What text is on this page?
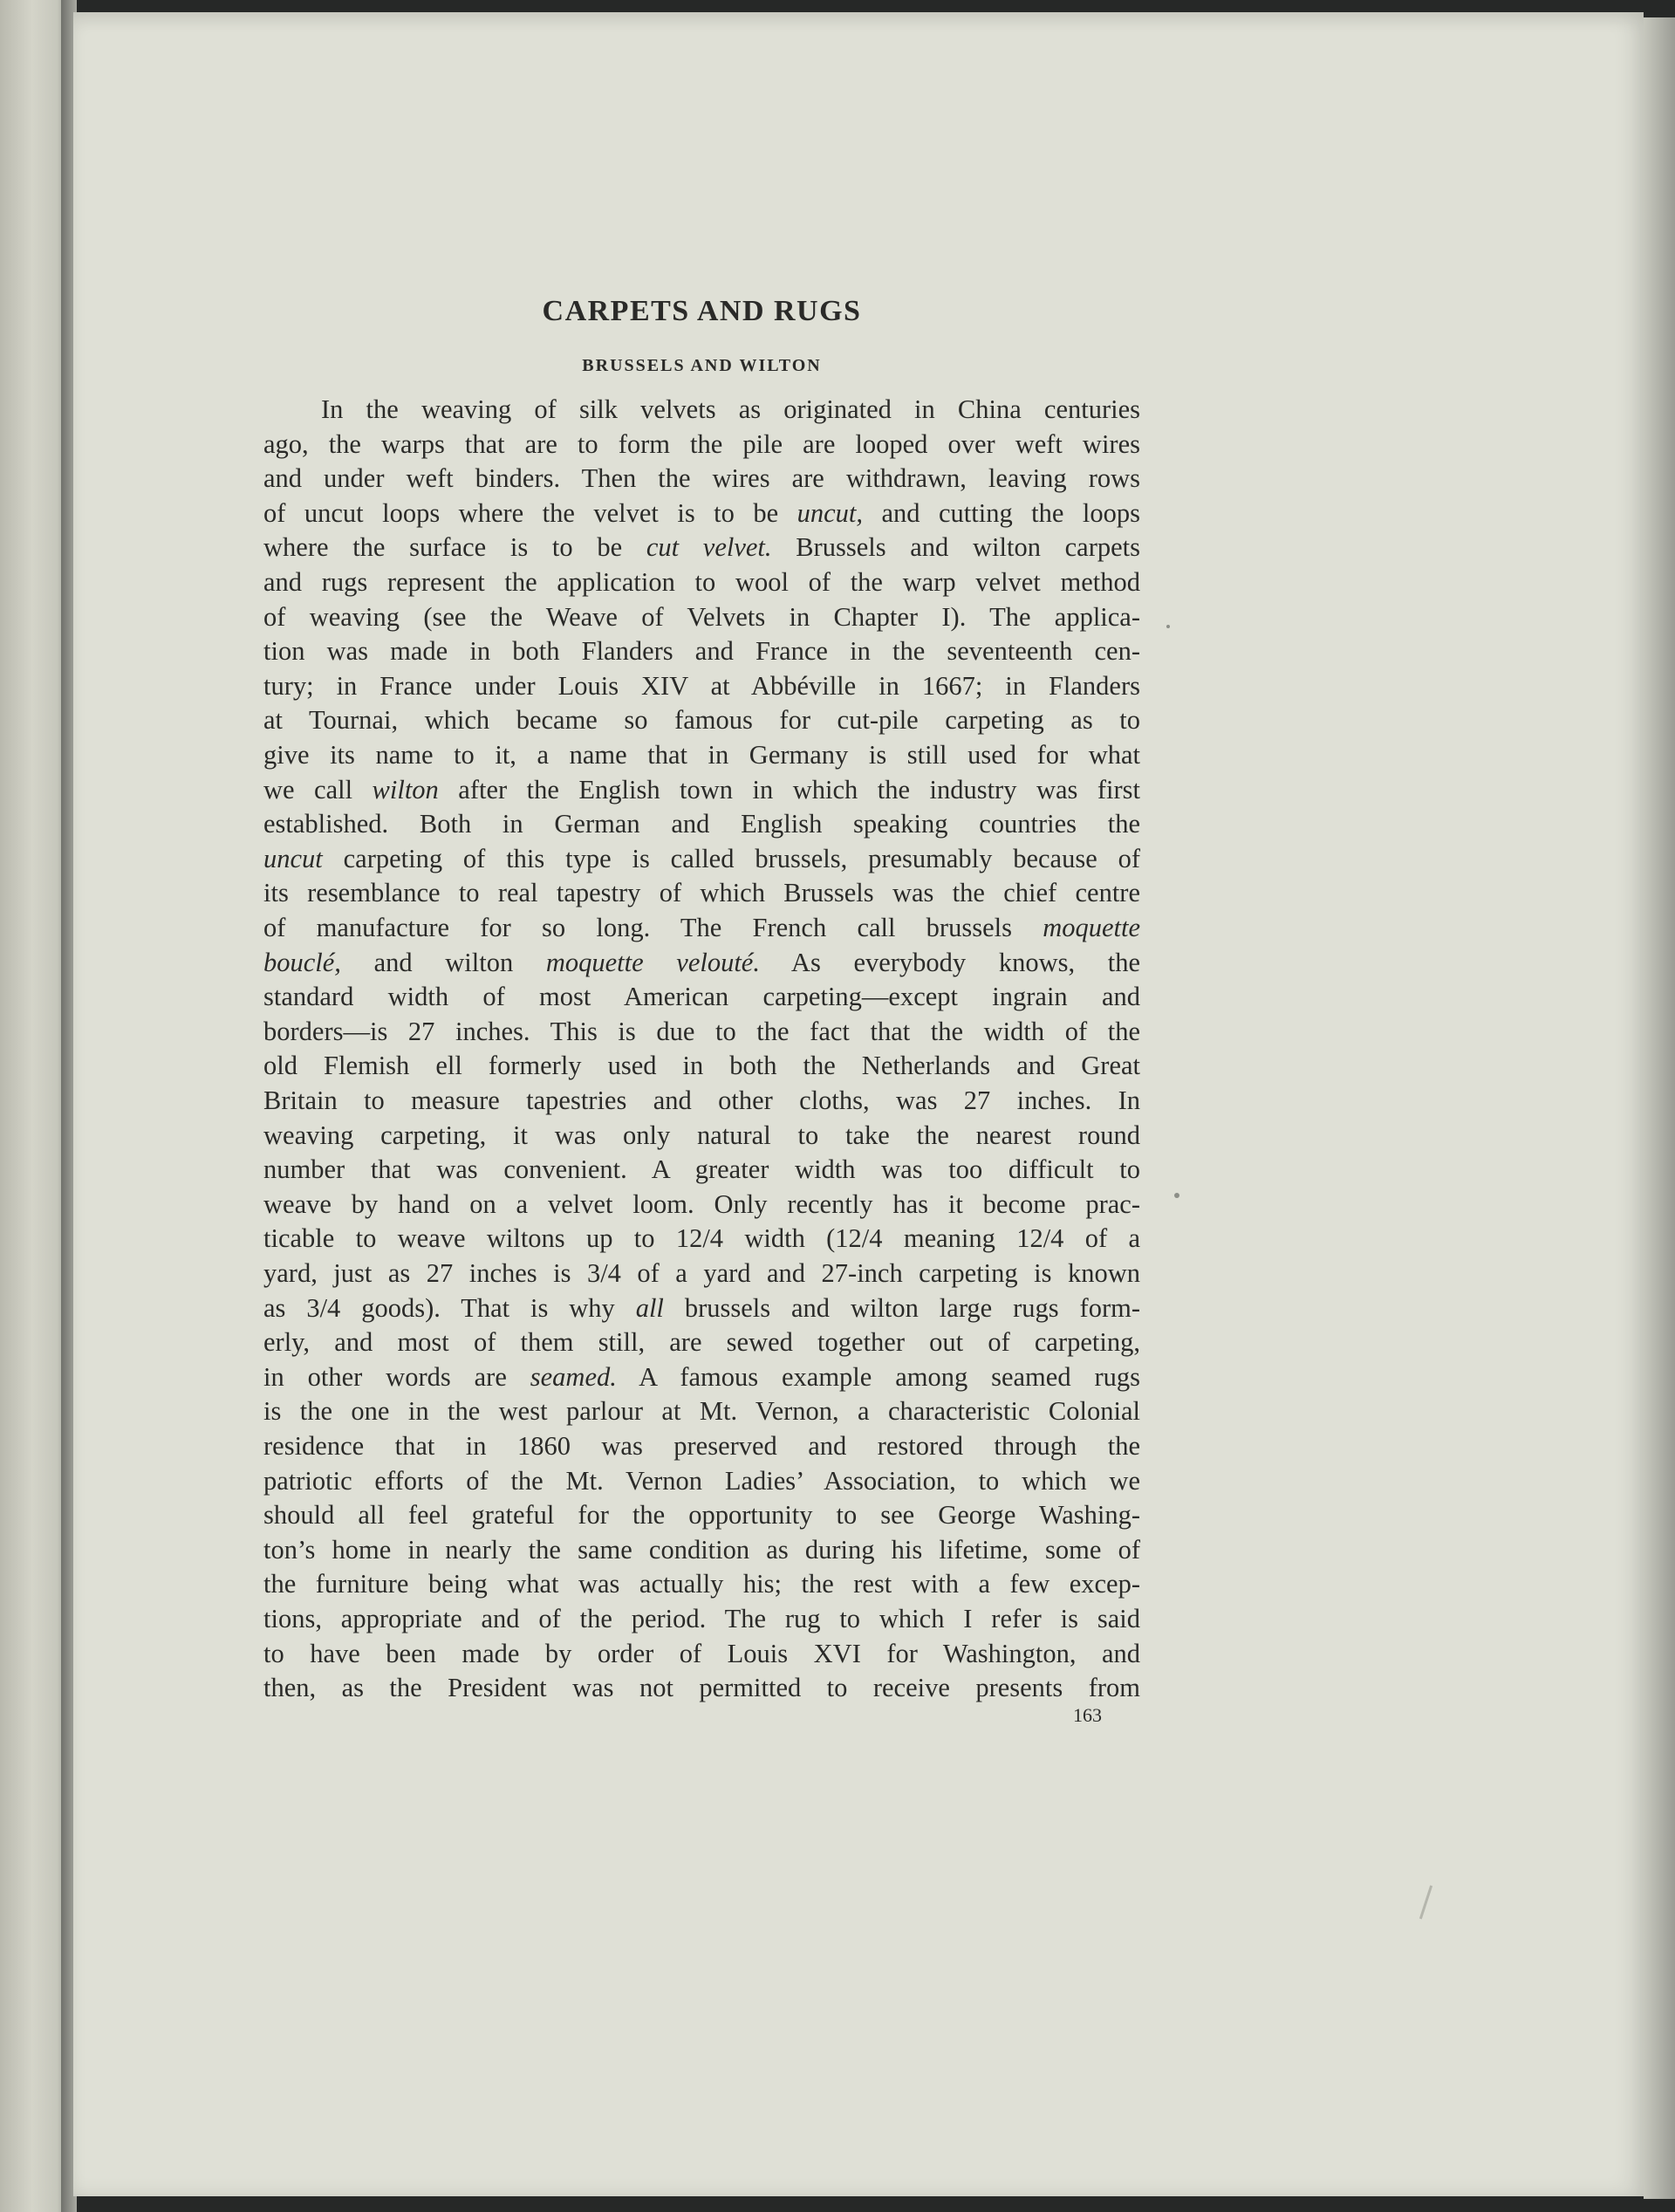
CARPETS AND RUGS
BRUSSELS AND WILTON
In the weaving of silk velvets as originated in China centuries
ago, the warps that are to form the pile are looped over weft wires
and under weft binders. Then the wires are withdrawn, leaving rows
of uncut loops where the velvet is to be uncut, and cutting the loops
where the surface is to be cut velvet. Brussels and wilton carpets
and rugs represent the application to wool of the warp velvet method
of weaving (see the Weave of Velvets in Chapter I). The applica-
tion was made in both Flanders and France in the seventeenth cen-
tury; in France under Louis XIV at Abbéville in 1667; in Flanders
at Tournai, which became so famous for cut-pile carpeting as to
give its name to it, a name that in Germany is still used for what
we call wilton after the English town in which the industry was first
established. Both in German and English speaking countries the
uncut carpeting of this type is called brussels, presumably because of
its resemblance to real tapestry of which Brussels was the chief centre
of manufacture for so long. The French call brussels moquette
bouclé, and wilton moquette velouté. As everybody knows, the
standard width of most American carpeting—except ingrain and
borders—is 27 inches. This is due to the fact that the width of the
old Flemish ell formerly used in both the Netherlands and Great
Britain to measure tapestries and other cloths, was 27 inches. In
weaving carpeting, it was only natural to take the nearest round
number that was convenient. A greater width was too difficult to
weave by hand on a velvet loom. Only recently has it become prac-
ticable to weave wiltons up to 12/4 width (12/4 meaning 12/4 of a
yard, just as 27 inches is 3/4 of a yard and 27-inch carpeting is known
as 3/4 goods). That is why all brussels and wilton large rugs form-
erly, and most of them still, are sewed together out of carpeting,
in other words are seamed. A famous example among seamed rugs
is the one in the west parlour at Mt. Vernon, a characteristic Colonial
residence that in 1860 was preserved and restored through the
patriotic efforts of the Mt. Vernon Ladies’ Association, to which we
should all feel grateful for the opportunity to see George Washing-
ton’s home in nearly the same condition as during his lifetime, some of
the furniture being what was actually his; the rest with a few excep-
tions, appropriate and of the period. The rug to which I refer is said
to have been made by order of Louis XVI for Washington, and
then, as the President was not permitted to receive presents from
163
